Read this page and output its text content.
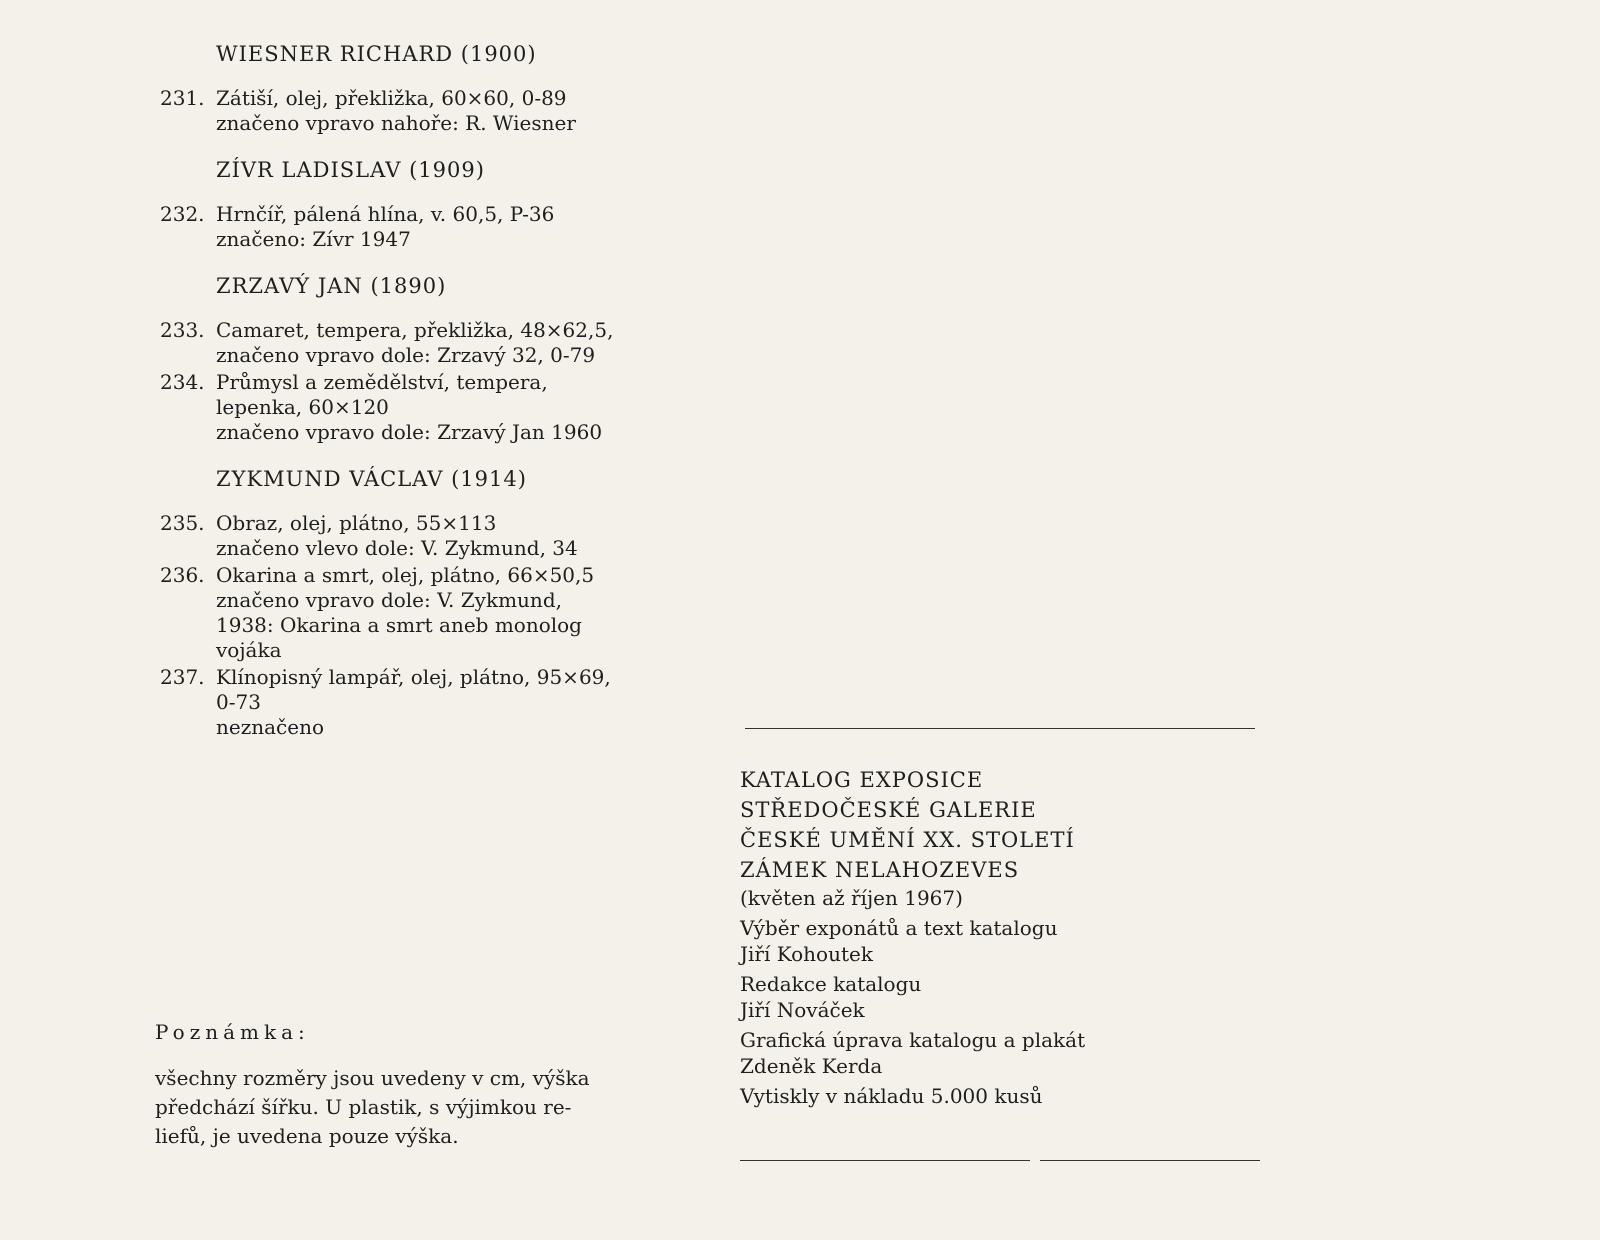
WIESNER RICHARD (1900)
231. Zátiší, olej, překližka, 60×60, 0-89
značeno vpravo nahoře: R. Wiesner
ZÍVR LADISLAV (1909)
232. Hrnčíř, pálená hlína, v. 60,5, P-36
značeno: Zívr 1947
ZRZAVÝ JAN (1890)
233. Camaret, tempera, překližka, 48×62,5,
značeno vpravo dole: Zrzavý 32, 0-79
234. Průmysl a zemědělství, tempera,
lepenka, 60×120
značeno vpravo dole: Zrzavý Jan 1960
ZYKMUND VÁCLAV (1914)
235. Obraz, olej, plátno, 55×113
značeno vlevo dole: V. Zykmund, 34
236. Okarina a smrt, olej, plátno, 66×50,5
značeno vpravo dole: V. Zykmund,
1938: Okarina a smrt aneb monolog
vojáka
237. Klínopisný lampář, olej, plátno, 95×69,
0-73
neznačeno
Poznámka:
všechny rozměry jsou uvedeny v cm, výška
předchází šířku. U plastik, s výjimkou re-
liefů, je uvedena pouze výška.
KATALOG EXPOSICE
STŘEDOČESKÉ GALERIE
ČESKÉ UMĚNÍ XX. STOLETÍ
ZÁMEK NELAHOZEVES
(květen až říjen 1967)
Výběr exponátů a text katalogu
Jiří Kohoutek
Redakce katalogu
Jiří Nováček
Grafická úprava katalogu a plakát
Zdeněk Kerda
Vytiskly v nákladu 5.000 kusů
